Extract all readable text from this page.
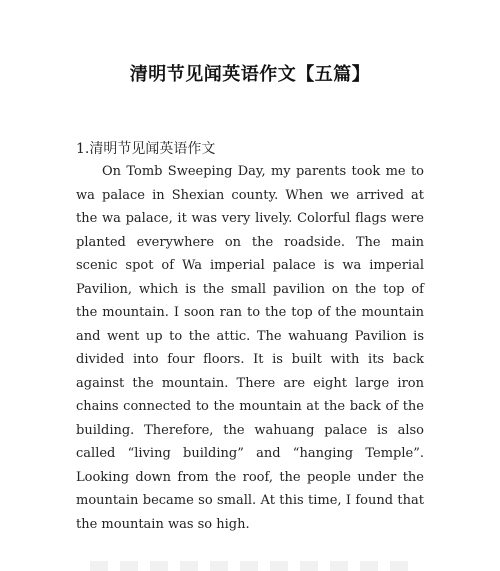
清明节见闻英语作文【五篇】
1.清明节见闻英语作文

On Tomb Sweeping Day, my parents took me to wa palace in Shexian county. When we arrived at the wa palace, it was very lively. Colorful flags were planted everywhere on the roadside. The main scenic spot of Wa imperial palace is wa imperial Pavilion, which is the small pavilion on the top of the mountain. I soon ran to the top of the mountain and went up to the attic. The wahuang Pavilion is divided into four floors. It is built with its back against the mountain. There are eight large iron chains connected to the mountain at the back of the building. Therefore, the wahuang palace is also called “living building” and “hanging Temple”. Looking down from the roof, the people under the mountain became so small. At this time, I found that the mountain was so high.
